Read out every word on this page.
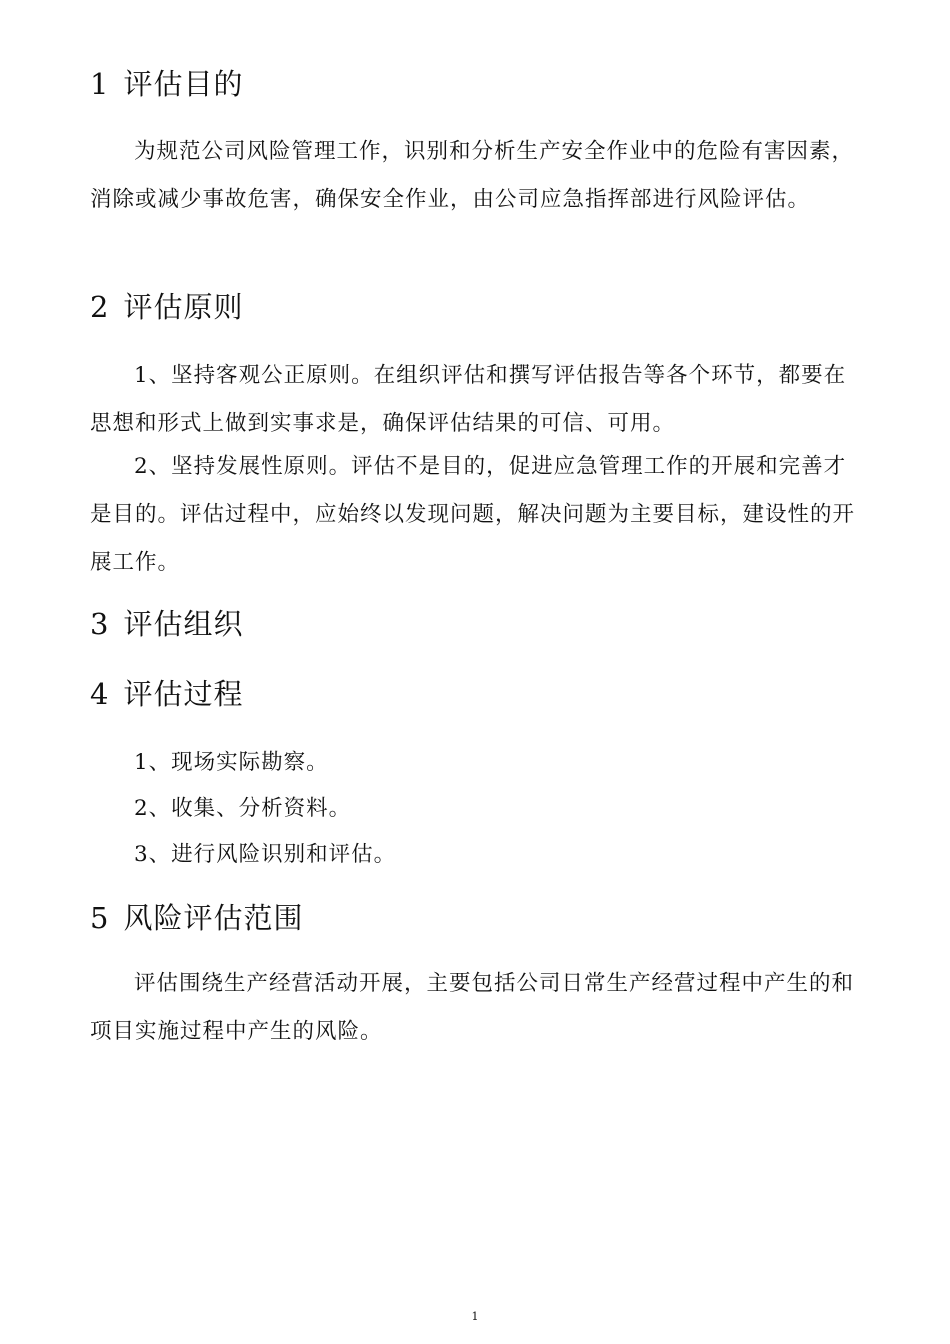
1 评估目的

为规范公司风险管理工作，识别和分析生产安全作业中的危险有害因素，消除或减少事故危害，确保安全作业，由公司应急指挥部进行风险评估。

2 评估原则

1、坚持客观公正原则。在组织评估和撰写评估报告等各个环节，都要在思想和形式上做到实事求是，确保评估结果的可信、可用。

2、坚持发展性原则。评估不是目的，促进应急管理工作的开展和完善才是目的。评估过程中，应始终以发现问题，解决问题为主要目标，建设性的开展工作。

3 评估组织
4 评估过程
1、现场实际勘察。
2、收集、分析资料。
3、进行风险识别和评估。
5 风险评估范围

评估围绕生产经营活动开展，主要包括公司日常生产经营过程中产生的和项目实施过程中产生的风险。

1
